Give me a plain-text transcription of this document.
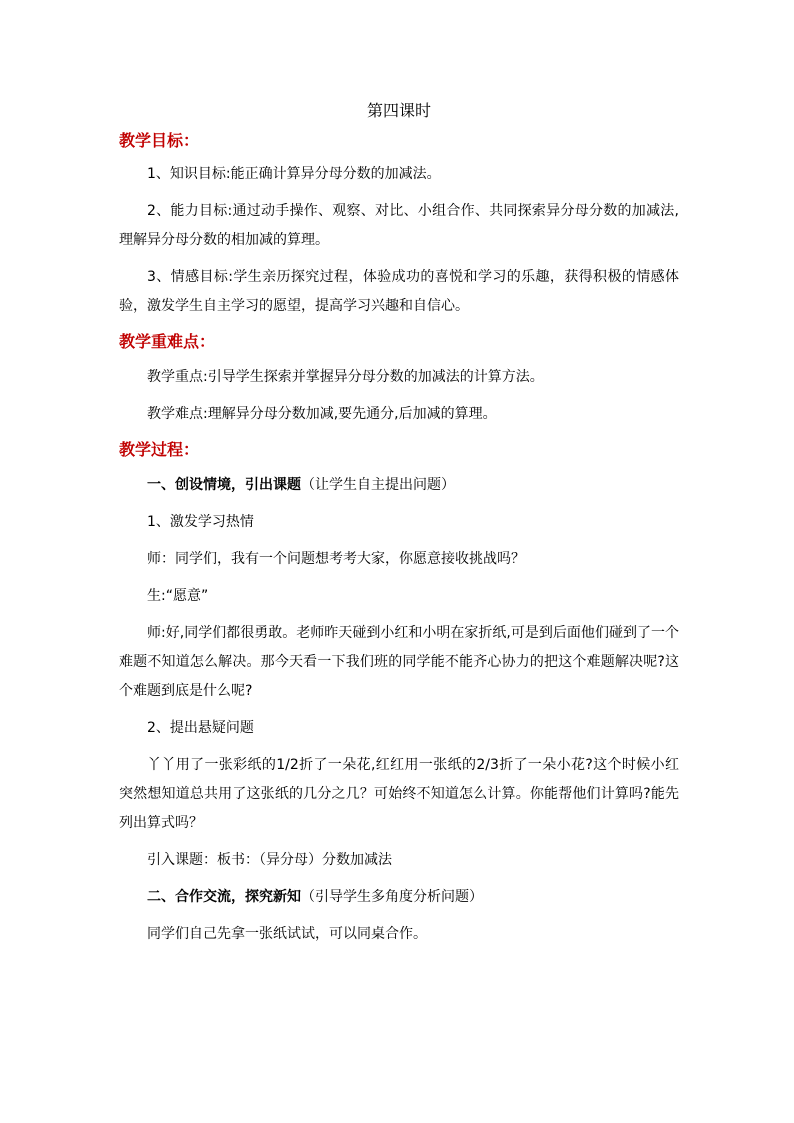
第四课时

教学目标：

1、知识目标:能正确计算异分母分数的加减法。

2、能力目标:通过动手操作、观察、对比、小组合作、共同探索异分母分数的加减法,理解异分母分数的相加减的算理。

3、情感目标:学生亲历探究过程，体验成功的喜悦和学习的乐趣，获得积极的情感体验，激发学生自主学习的愿望，提高学习兴趣和自信心。

教学重难点：

教学重点:引导学生探索并掌握异分母分数的加减法的计算方法。

教学难点:理解异分母分数加减,要先通分,后加减的算理。

教学过程：

一、创设情境，引出课题（让学生自主提出问题）

1、激发学习热情

师：同学们，我有一个问题想考考大家，你愿意接收挑战吗？

生:“愿意”

师:好,同学们都很勇敢。老师昨天碰到小红和小明在家折纸,可是到后面他们碰到了一个难题不知道怎么解决。那今天看一下我们班的同学能不能齐心协力的把这个难题解决呢?这个难题到底是什么呢?

2、提出悬疑问题

丫丫用了一张彩纸的1/2折了一朵花,红红用一张纸的2/3折了一朵小花?这个时候小红突然想知道总共用了这张纸的几分之几？可始终不知道怎么计算。你能帮他们计算吗?能先列出算式吗？

引入课题：板书：（异分母）分数加减法

二、合作交流，探究新知（引导学生多角度分析问题）

同学们自己先拿一张纸试试，可以同桌合作。
